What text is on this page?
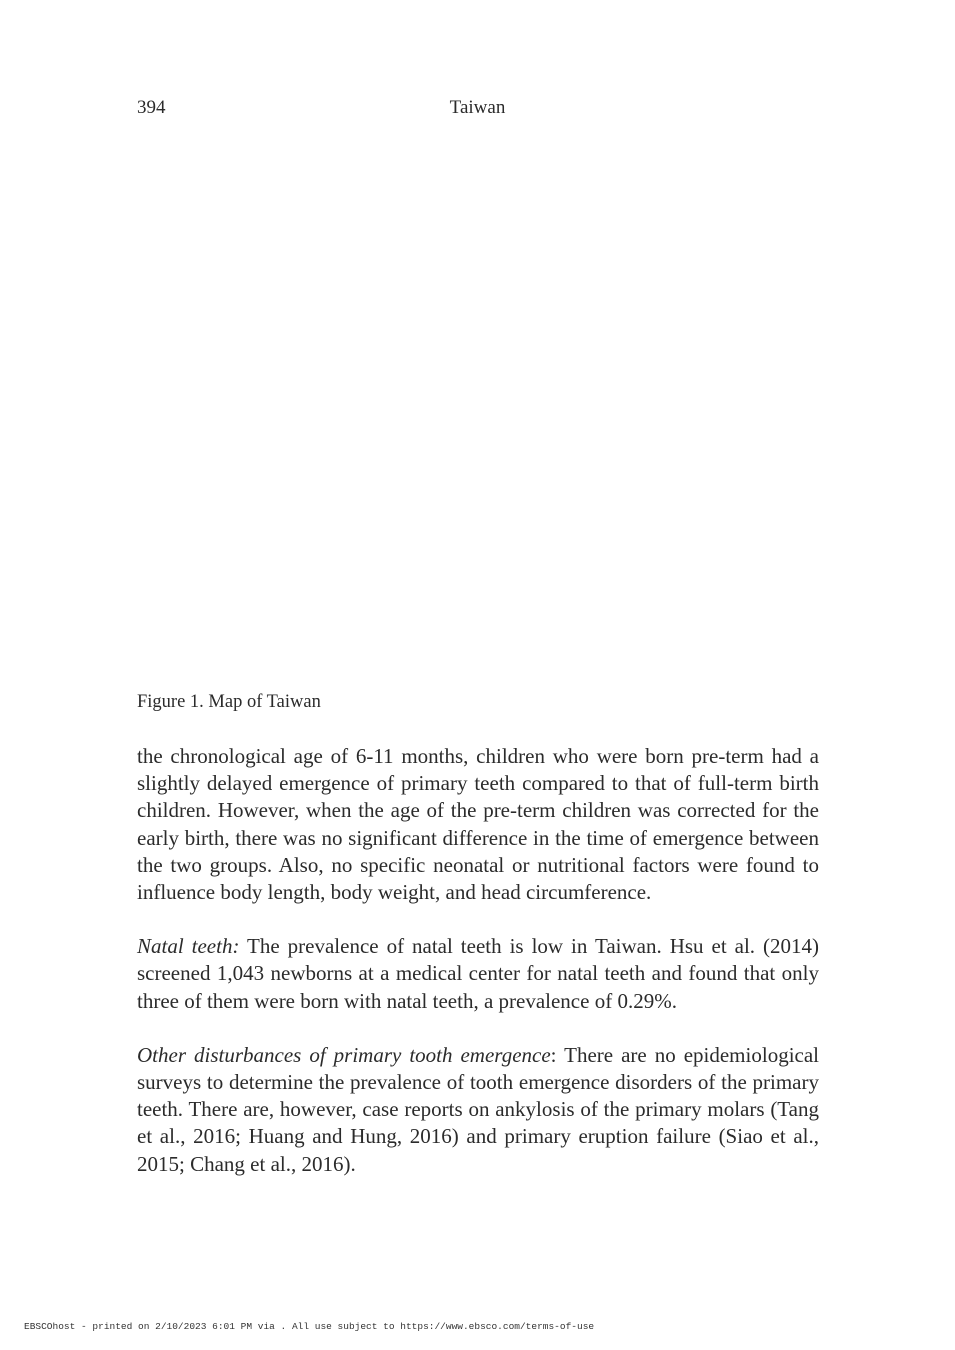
394	Taiwan
Figure 1. Map of Taiwan

the chronological age of 6-11 months, children who were born pre-term had a slightly delayed emergence of primary teeth compared to that of full-term birth children. However, when the age of the pre-term children was corrected for the early birth, there was no significant difference in the time of emergence between the two groups. Also, no specific neonatal or nutritional factors were found to influence body length, body weight, and head circumference.

Natal teeth: The prevalence of natal teeth is low in Taiwan. Hsu et al. (2014) screened 1,043 newborns at a medical center for natal teeth and found that only three of them were born with natal teeth, a prevalence of 0.29%.

Other disturbances of primary tooth emergence: There are no epidemiological surveys to determine the prevalence of tooth emergence disorders of the primary teeth. There are, however, case reports on ankylosis of the primary molars (Tang et al., 2016; Huang and Hung, 2016) and primary eruption failure (Siao et al., 2015; Chang et al., 2016).

EBSCOhost - printed on 2/10/2023 6:01 PM via . All use subject to https://www.ebsco.com/terms-of-use
